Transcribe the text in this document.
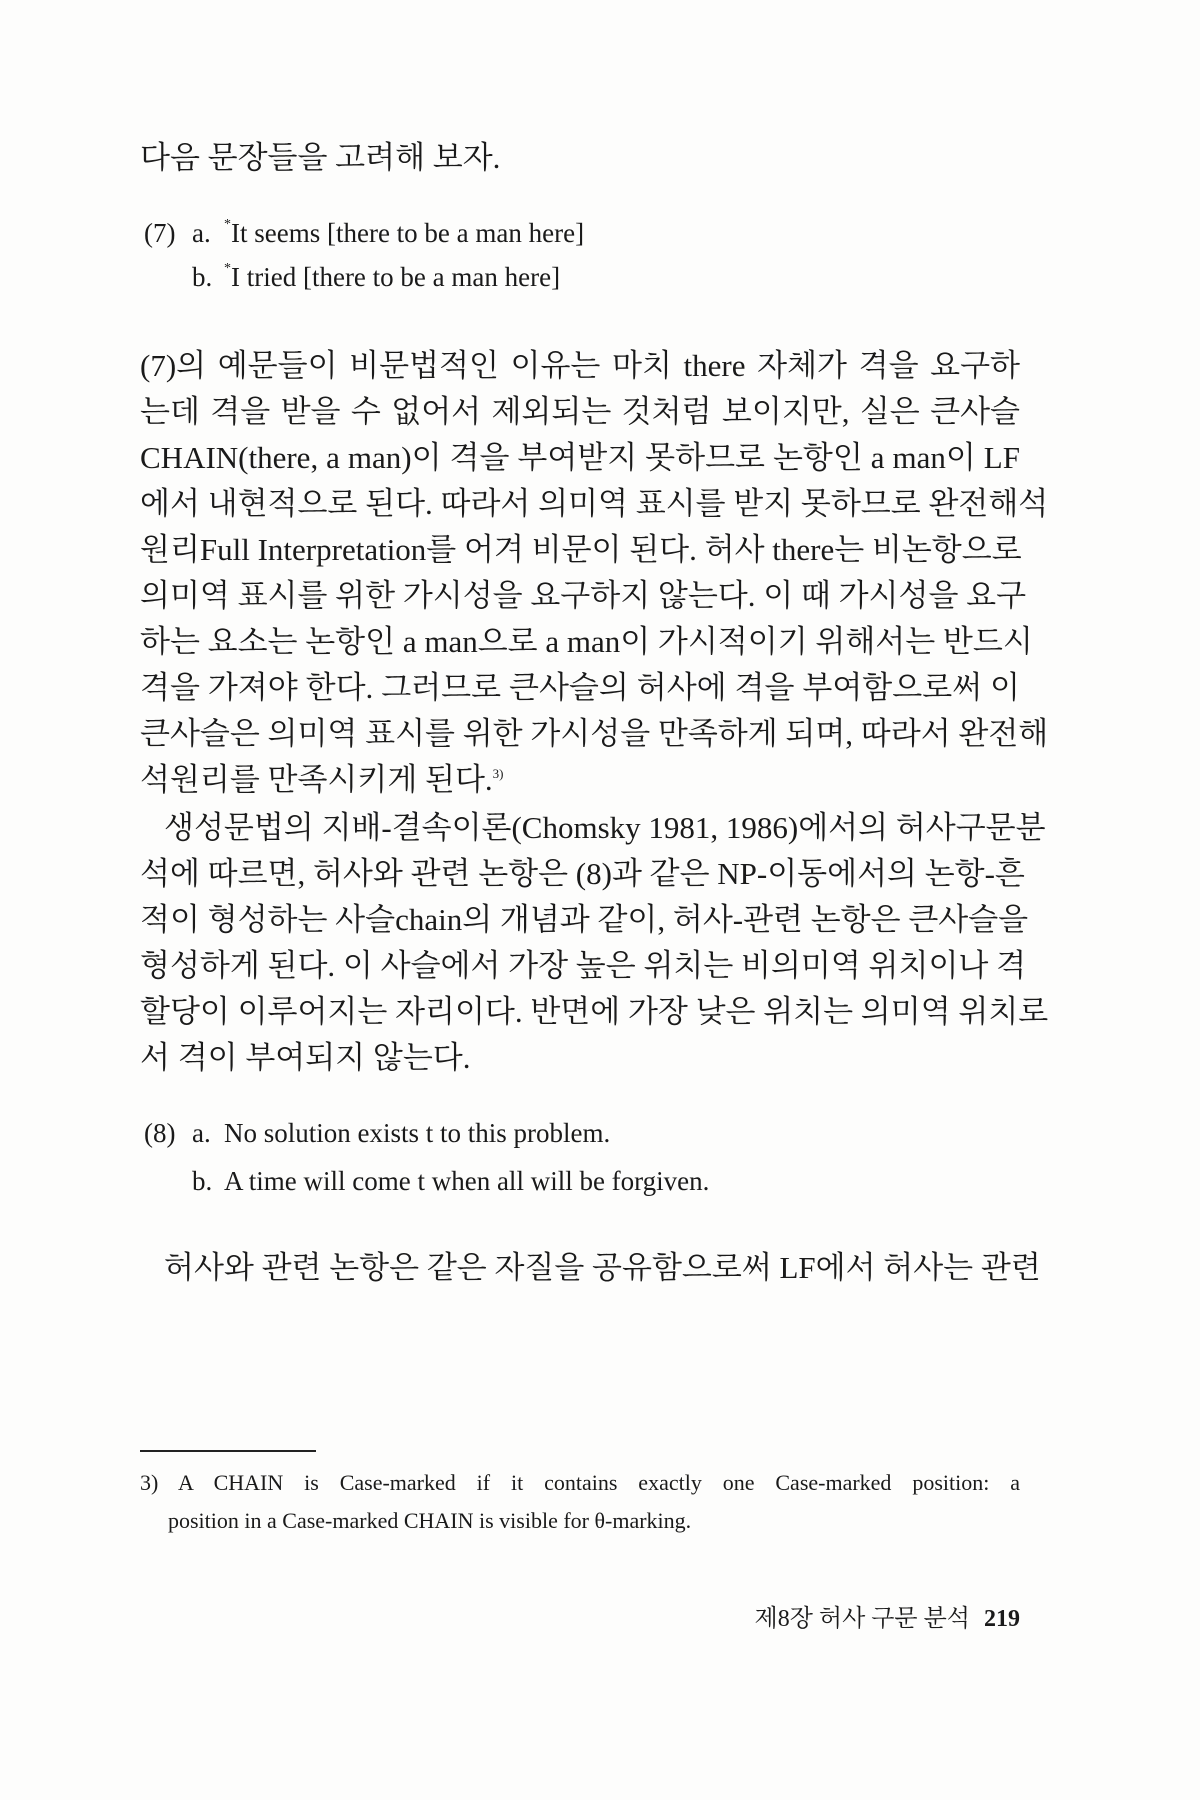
다음 문장들을 고려해 보자.
(7) a. *It seems [there to be a man here]
b. *I tried [there to be a man here]
(7)의 예문들이 비문법적인 이유는 마치 there 자체가 격을 요구하
는데 격을 받을 수 없어서 제외되는 것처럼 보이지만, 실은 큰사슬
CHAIN(there, a man)이 격을 부여받지 못하므로 논항인 a man이 LF
에서 내현적으로 된다. 따라서 의미역 표시를 받지 못하므로 완전해석
원리Full Interpretation를 어겨 비문이 된다. 허사 there는 비논항으로
의미역 표시를 위한 가시성을 요구하지 않는다. 이 때 가시성을 요구
하는 요소는 논항인 a man으로 a man이 가시적이기 위해서는 반드시
격을 가져야 한다. 그러므로 큰사슬의 허사에 격을 부여함으로써 이
큰사슬은 의미역 표시를 위한 가시성을 만족하게 되며, 따라서 완전해
석원리를 만족시키게 된다.$^{3)}$
생성문법의 지배-결속이론(Chomsky 1981, 1986)에서의 허사구문분
석에 따르면, 허사와 관련 논항은 (8)과 같은 NP-이동에서의 논항-흔
적이 형성하는 사슬chain의 개념과 같이, 허사-관련 논항은 큰사슬을
형성하게 된다. 이 사슬에서 가장 높은 위치는 비의미역 위치이나 격
할당이 이루어지는 자리이다. 반면에 가장 낮은 위치는 의미역 위치로
서 격이 부여되지 않는다.
(8) a. No solution exists t to this problem.
b. A time will come t when all will be forgiven.
허사와 관련 논항은 같은 자질을 공유함으로써 LF에서 허사는 관련
3) A CHAIN is Case-marked if it contains exactly one Case-marked position: a
position in a Case-marked CHAIN is visible for θ-marking.
제8장 허사 구문 분석 219
